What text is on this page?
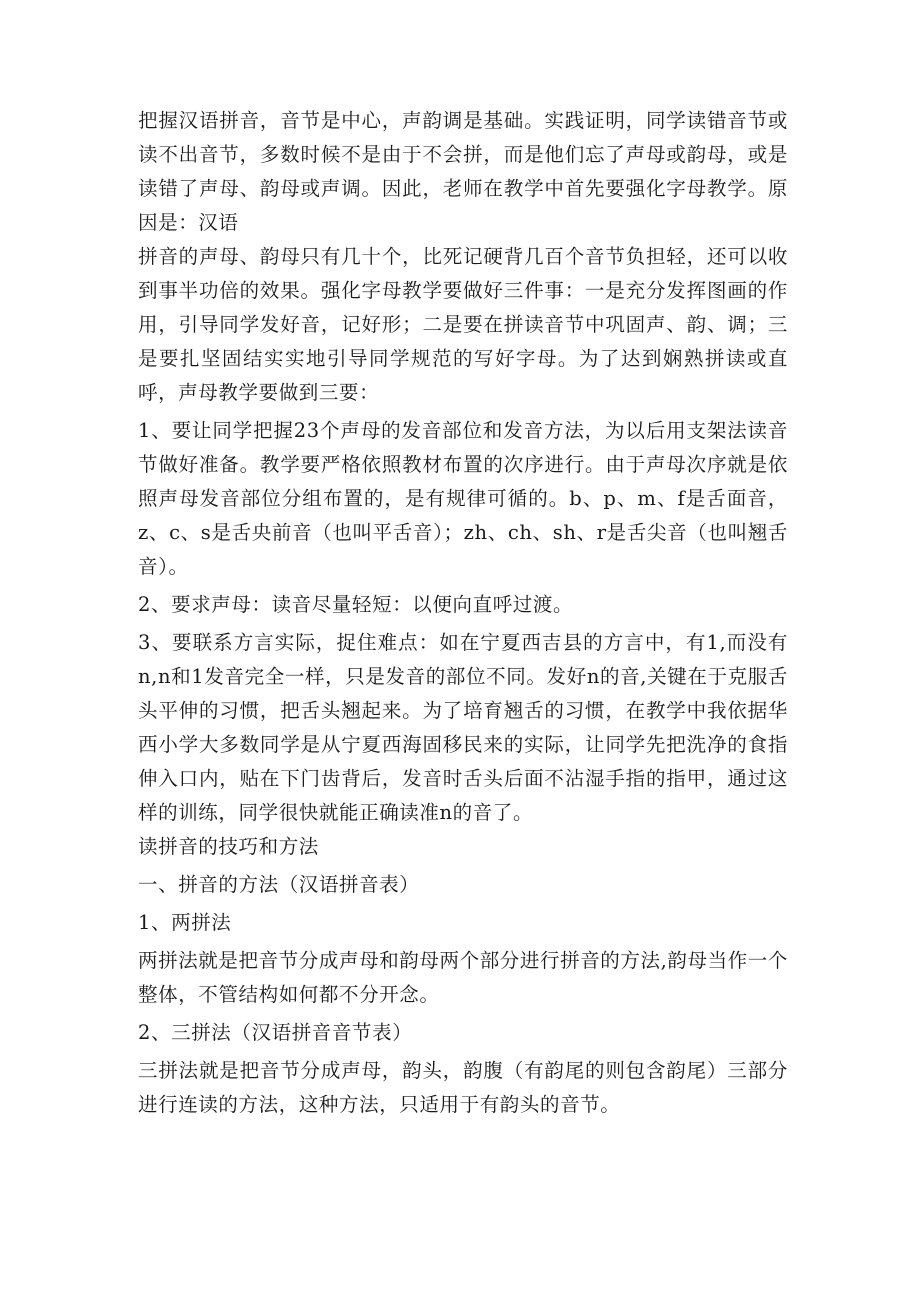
把握汉语拼音，音节是中心，声韵调是基础。实践证明，同学读错音节或读不出音节，多数时候不是由于不会拼，而是他们忘了声母或韵母，或是读错了声母、韵母或声调。因此，老师在教学中首先要强化字母教学。原因是：汉语

拼音的声母、韵母只有几十个，比死记硬背几百个音节负担轻，还可以收到事半功倍的效果。强化字母教学要做好三件事：一是充分发挥图画的作用，引导同学发好音，记好形；二是要在拼读音节中巩固声、韵、调；三是要扎坚固结实实地引导同学规范的写好字母。为了达到娴熟拼读或直呼，声母教学要做到三要：

1、要让同学把握23个声母的发音部位和发音方法，为以后用支架法读音节做好准备。教学要严格依照教材布置的次序进行。由于声母次序就是依照声母发音部位分组布置的，是有规律可循的。b、p、m、f是舌面音，z、c、s是舌央前音（也叫平舌音）；zh、ch、sh、r是舌尖音（也叫翘舌音）。

2、要求声母：读音尽量轻短：以便向直呼过渡。

3、要联系方言实际，捉住难点：如在宁夏西吉县的方言中，有1,而没有n,n和1发音完全一样，只是发音的部位不同。发好n的音,关键在于克服舌头平伸的习惯，把舌头翘起来。为了培育翘舌的习惯，在教学中我依据华西小学大多数同学是从宁夏西海固移民来的实际，让同学先把洗净的食指伸入口内，贴在下门齿背后，发音时舌头后面不沾湿手指的指甲，通过这样的训练，同学很快就能正确读准n的音了。

读拼音的技巧和方法

一、拼音的方法（汉语拼音表）

1、两拼法

两拼法就是把音节分成声母和韵母两个部分进行拼音的方法,韵母当作一个整体，不管结构如何都不分开念。

2、三拼法（汉语拼音音节表）

三拼法就是把音节分成声母，韵头，韵腹（有韵尾的则包含韵尾）三部分进行连读的方法，这种方法，只适用于有韵头的音节。
